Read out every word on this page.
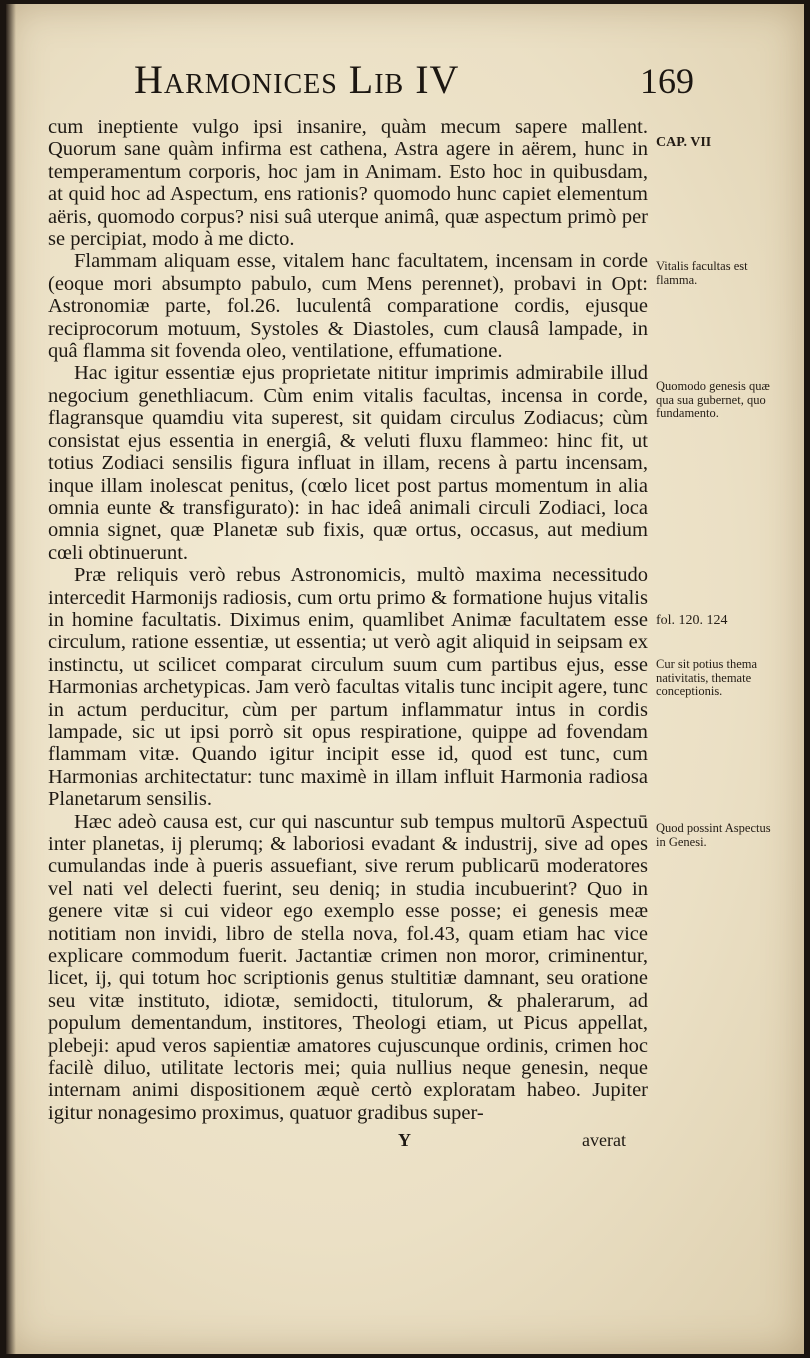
Harmonices Lib IV	169

cum ineptiente vulgo ipsi insanire, quàm mecum sapere mallent. Quorum sane quàm infirma est cathena, Astra agere in aërem, hunc in temperamentum corporis, hoc jam in Animam. Esto hoc in quibusdam, at quid hoc ad Aspectum, ens rationis? quomodo hunc capiet elementum aëris, quomodo corpus? nisi suâ uterque animâ, quæ aspectum primò per se percipiat, modo à me dicto.

Flammam aliquam esse, vitalem hanc facultatem, incensam in corde (eoque mori absumpto pabulo, cum Mens perennet), probavi in Opt: Astronomiæ parte, fol.26. luculentâ comparatione cordis, ejusque reciprocorum motuum, Systoles & Diastoles, cum clausâ lampade, in quâ flamma sit fovenda oleo, ventilatione, effumatione.

Hac igitur essentiæ ejus proprietate nititur imprimis admirabile illud negocium genethliacum. Cùm enim vitalis facultas, incensa in corde, flagransque quamdiu vita superest, sit quidam circulus Zodiacus; cùm consistat ejus essentia in energiâ, & veluti fluxu flammeo: hinc fit, ut totius Zodiaci sensilis figura influat in illam, recens à partu incensam, inque illam inolescat penitus, (cœlo licet post partus momentum in alia omnia eunte & transfigurato): in hac ideâ animali circuli Zodiaci, loca omnia signet, quæ Planetæ sub fixis, quæ ortus, occasus, aut medium cœli obtinuerunt.

Præ reliquis verò rebus Astronomicis, multò maxima necessitudo intercedit Harmonijs radiosis, cum ortu primo & formatione hujus vitalis in homine facultatis. Diximus enim, quamlibet Animæ facultatem esse circulum, ratione essentiæ, ut essentia; ut verò agit aliquid in seipsam ex instinctu, ut scilicet comparat circulum suum cum partibus ejus, esse Harmonias archetypicas. Jam verò facultas vitalis tunc incipit agere, tunc in actum perducitur, cùm per partum inflammatur intus in cordis lampade, sic ut ipsi porrò sit opus respiratione, quippe ad fovendam flammam vitæ. Quando igitur incipit esse id, quod est tunc, cum Harmonias architectatur: tunc maximè in illam influit Harmonia radiosa Planetarum sensilis.

Hæc adeò causa est, cur qui nascuntur sub tempus multorū Aspectuū inter planetas, ij plerumq; & laboriosi evadant & industrij, sive ad opes cumulandas inde à pueris assuefiant, sive rerum publicarū moderatores vel nati vel delecti fuerint, seu deniq; in studia incubuerint? Quo in genere vitæ si cui videor ego exemplo esse posse; ei genesis meæ notitiam non invidi, libro de stella nova, fol.43, quam etiam hac vice explicare commodum fuerit. Jactantiæ crimen non moror, criminentur, licet, ij, qui totum hoc scriptionis genus stultitiæ damnant, seu oratione seu vitæ instituto, idiotæ, semidocti, titulorum, & phalerarum, ad populum dementandum, institores, Theologi etiam, ut Picus appellat, plebeji: apud veros sapientiæ amatores cujuscunque ordinis, crimen hoc facilè diluo, utilitate lectoris mei; quia nullius neque genesin, neque internam animi dispositionem æquè certò exploratam habeo. Jupiter igitur nonagesimo proximus, quatuor gradibus super-

CAP. VII
Vitalis facultas est flamma.
Quomodo genesis quæ qua sua gubernet, quo fundamento.
fol. 120. 124
Cur sit potius thema nativitatis, themate conceptionis.
Quod possint Aspectus in Genesi.
Y	averat
